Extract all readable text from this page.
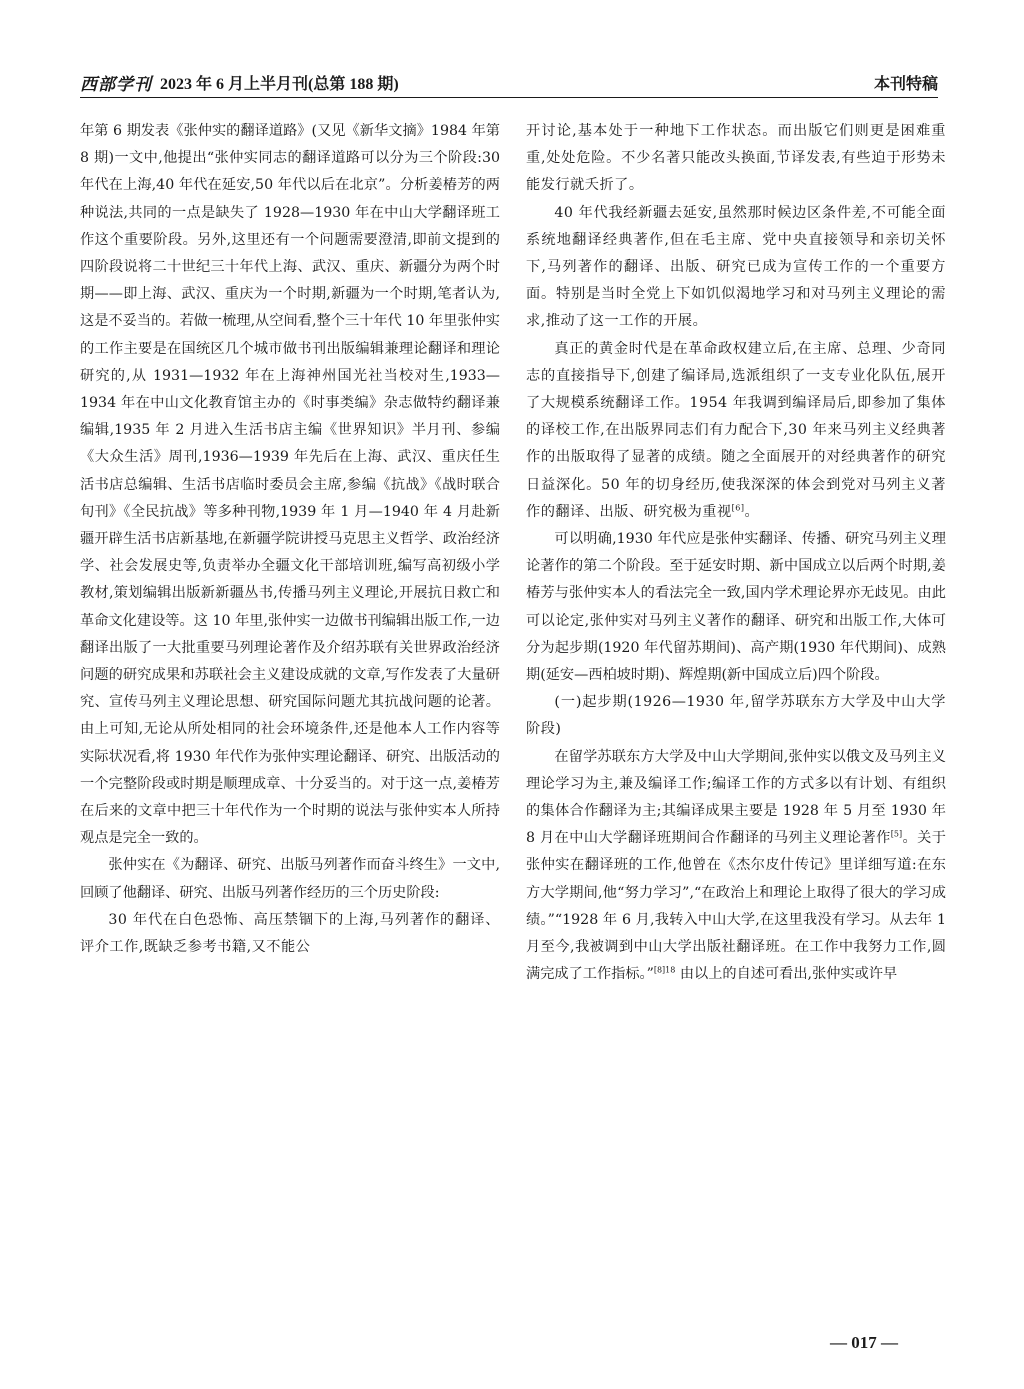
西部学刊 2023 年 6 月上半月刊(总第 188 期)	本刊特稿

年第 6 期发表《张仲实的翻译道路》(又见《新华文摘》1984 年第 8 期)一文中,他提出“张仲实同志的翻译道路可以分为三个阶段:30 年代在上海,40 年代在延安,50 年代以后在北京”。分析姜椿芳的两种说法,共同的一点是缺失了 1928—1930 年在中山大学翻译班工作这个重要阶段。另外,这里还有一个问题需要澄清,即前文提到的四阶段说将二十世纪三十年代上海、武汉、重庆、新疆分为两个时期——即上海、武汉、重庆为一个时期,新疆为一个时期,笔者认为,这是不妥当的。若做一梳理,从空间看,整个三十年代 10 年里张仲实的工作主要是在国统区几个城市做书刊出版编辑兼理论翻译和理论研究的,从 1931—1932 年在上海神州国光社当校对生,1933—1934 年在中山文化教育馆主办的《时事类编》杂志做特约翻译兼编辑,1935 年 2 月进入生活书店主编《世界知识》半月刊、参编《大众生活》周刊,1936—1939 年先后在上海、武汉、重庆任生活书店总编辑、生活书店临时委员会主席,参编《抗战》《战时联合旬刊》《全民抗战》等多种刊物,1939 年 1 月—1940 年 4 月赴新疆开辟生活书店新基地,在新疆学院讲授马克思主义哲学、政治经济学、社会发展史等,负责举办全疆文化干部培训班,编写高初级小学教材,策划编辑出版新新疆丛书,传播马列主义理论,开展抗日救亡和革命文化建设等。这 10 年里,张仲实一边做书刊编辑出版工作,一边翻译出版了一大批重要马列理论著作及介绍苏联有关世界政治经济问题的研究成果和苏联社会主义建设成就的文章,写作发表了大量研究、宣传马列主义理论思想、研究国际问题尤其抗战问题的论著。由上可知,无论从所处相同的社会环境条件,还是他本人工作内容等实际状况看,将 1930 年代作为张仲实理论翻译、研究、出版活动的一个完整阶段或时期是顺理成章、十分妥当的。对于这一点,姜椿芳在后来的文章中把三十年代作为一个时期的说法与张仲实本人所持观点是完全一致的。

张仲实在《为翻译、研究、出版马列著作而奋斗终生》一文中,回顾了他翻译、研究、出版马列著作经历的三个历史阶段:

30 年代在白色恐怖、高压禁锢下的上海,马列著作的翻译、评介工作,既缺乏参考书籍,又不能公

开讨论,基本处于一种地下工作状态。而出版它们则更是困难重重,处处危险。不少名著只能改头换面,节译发表,有些迫于形势未能发行就夭折了。

40 年代我经新疆去延安,虽然那时候边区条件差,不可能全面系统地翻译经典著作,但在毛主席、党中央直接领导和亲切关怀下,马列著作的翻译、出版、研究已成为宣传工作的一个重要方面。特别是当时全党上下如饥似渴地学习和对马列主义理论的需求,推动了这一工作的开展。

真正的黄金时代是在革命政权建立后,在主席、总理、少奇同志的直接指导下,创建了编译局,选派组织了一支专业化队伍,展开了大规模系统翻译工作。1954 年我调到编译局后,即参加了集体的译校工作,在出版界同志们有力配合下,30 年来马列主义经典著作的出版取得了显著的成绩。随之全面展开的对经典著作的研究日益深化。50 年的切身经历,使我深深的体会到党对马列主义著作的翻译、出版、研究极为重视[6]。

可以明确,1930 年代应是张仲实翻译、传播、研究马列主义理论著作的第二个阶段。至于延安时期、新中国成立以后两个时期,姜椿芳与张仲实本人的看法完全一致,国内学术理论界亦无歧见。由此可以论定,张仲实对马列主义著作的翻译、研究和出版工作,大体可分为起步期(1920 年代留苏期间)、高产期(1930 年代期间)、成熟期(延安—西柏坡时期)、辉煌期(新中国成立后)四个阶段。

(一)起步期(1926—1930 年,留学苏联东方大学及中山大学阶段)

在留学苏联东方大学及中山大学期间,张仲实以俄文及马列主义理论学习为主,兼及编译工作;编译工作的方式多以有计划、有组织的集体合作翻译为主;其编译成果主要是 1928 年 5 月至 1930 年 8 月在中山大学翻译班期间合作翻译的马列主义理论著作[5]。关于张仲实在翻译班的工作,他曾在《杰尔皮什传记》里详细写道:在东方大学期间,他“努力学习”,“在政治上和理论上取得了很大的学习成绩。”“1928 年 6 月,我转入中山大学,在这里我没有学习。从去年 1 月至今,我被调到中山大学出版社翻译班。在工作中我努力工作,圆满完成了工作指标。”$^{[8]18}$ 由以上的自述可看出,张仲实或许早

— 017 —
